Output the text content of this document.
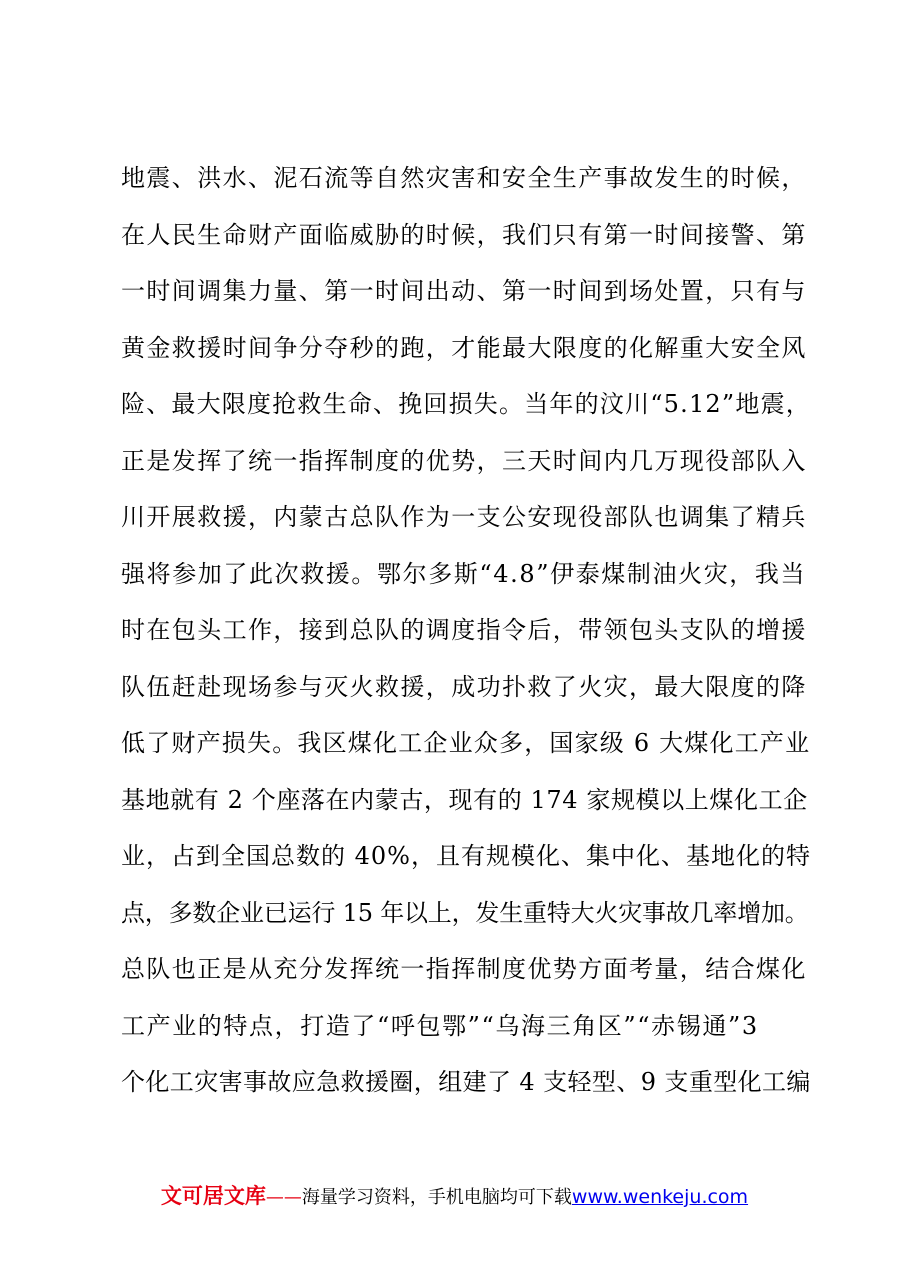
地震、洪水、泥石流等自然灾害和安全生产事故发生的时候，
在人民生命财产面临威胁的时候，我们只有第一时间接警、第
一时间调集力量、第一时间出动、第一时间到场处置，只有与
黄金救援时间争分夺秒的跑，才能最大限度的化解重大安全风
险、最大限度抢救生命、挽回损失。当年的汶川“5.12”地震，
正是发挥了统一指挥制度的优势，三天时间内几万现役部队入
川开展救援，内蒙古总队作为一支公安现役部队也调集了精兵
强将参加了此次救援。鄂尔多斯“4.8”伊泰煤制油火灾，我当
时在包头工作，接到总队的调度指令后，带领包头支队的增援
队伍赶赴现场参与灭火救援，成功扑救了火灾，最大限度的降
低了财产损失。我区煤化工企业众多，国家级 6 大煤化工产业
基地就有 2 个座落在内蒙古，现有的 174 家规模以上煤化工企
业，占到全国总数的 40%，且有规模化、集中化、基地化的特
点，多数企业已运行 15 年以上，发生重特大火灾事故几率增加。
总队也正是从充分发挥统一指挥制度优势方面考量，结合煤化
工产业的特点，打造了“呼包鄂”“乌海三角区”“赤锡通”3
个化工灾害事故应急救援圈，组建了 4 支轻型、9 支重型化工编
文可居文库——海量学习资料，手机电脑均可下载www.wenkeju.com
